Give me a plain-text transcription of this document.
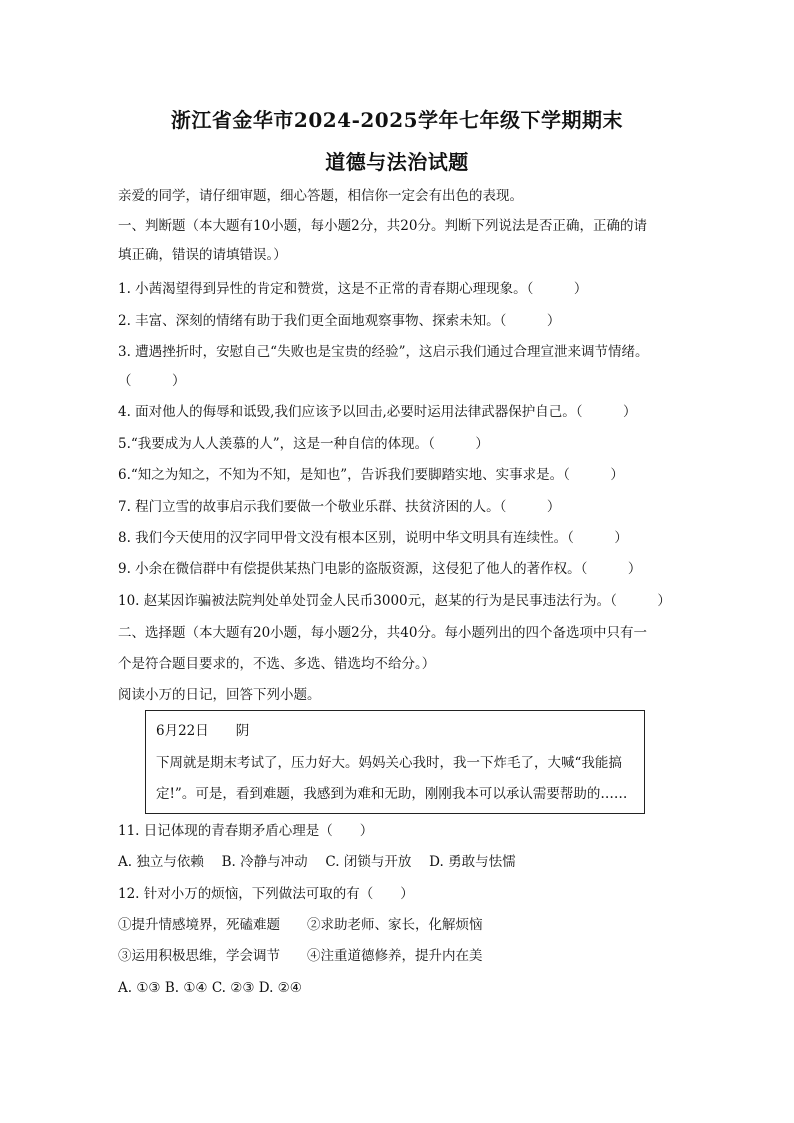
浙江省金华市2024-2025学年七年级下学期期末
道德与法治试题
亲爱的同学，请仔细审题，细心答题，相信你一定会有出色的表现。
一、判断题（本大题有10小题，每小题2分，共20分。判断下列说法是否正确，正确的请
填正确，错误的请填错误。）
1. 小茜渴望得到异性的肯定和赞赏，这是不正常的青春期心理现象。（　　　）
2. 丰富、深刻的情绪有助于我们更全面地观察事物、探索未知。（　　　）
3. 遭遇挫折时，安慰自己“失败也是宝贵的经验”，这启示我们通过合理宣泄来调节情绪。
（　　　）
4. 面对他人的侮辱和诋毁,我们应该予以回击,必要时运用法律武器保护自己。（　　　）
5.“我要成为人人羡慕的人”，这是一种自信的体现。（　　　）
6.“知之为知之，不知为不知，是知也”，告诉我们要脚踏实地、实事求是。（　　　）
7. 程门立雪的故事启示我们要做一个敬业乐群、扶贫济困的人。（　　　）
8. 我们今天使用的汉字同甲骨文没有根本区别，说明中华文明具有连续性。（　　　）
9. 小余在微信群中有偿提供某热门电影的盗版资源，这侵犯了他人的著作权。（　　　）
10. 赵某因诈骗被法院判处单处罚金人民币3000元，赵某的行为是民事违法行为。（　　　）
二、选择题（本大题有20小题，每小题2分，共40分。每小题列出的四个备选项中只有一
个是符合题目要求的，不选、多选、错选均不给分。）
阅读小万的日记，回答下列小题。
6月22日　　阴
下周就是期末考试了，压力好大。妈妈关心我时，我一下炸毛了，大喊“我能搞
定!”。可是，看到难题，我感到为难和无助，刚刚我本可以承认需要帮助的……
11. 日记体现的青春期矛盾心理是（　　）
A. 独立与依赖　 B. 冷静与冲动　 C. 闭锁与开放　 D. 勇敢与怯懦
12. 针对小万的烦恼，下列做法可取的有（　　）
①提升情感境界，死磕难题　　②求助老师、家长，化解烦恼
③运用积极思维，学会调节　　④注重道德修养，提升内在美
A. ①③ B. ①④ C. ②③ D. ②④
